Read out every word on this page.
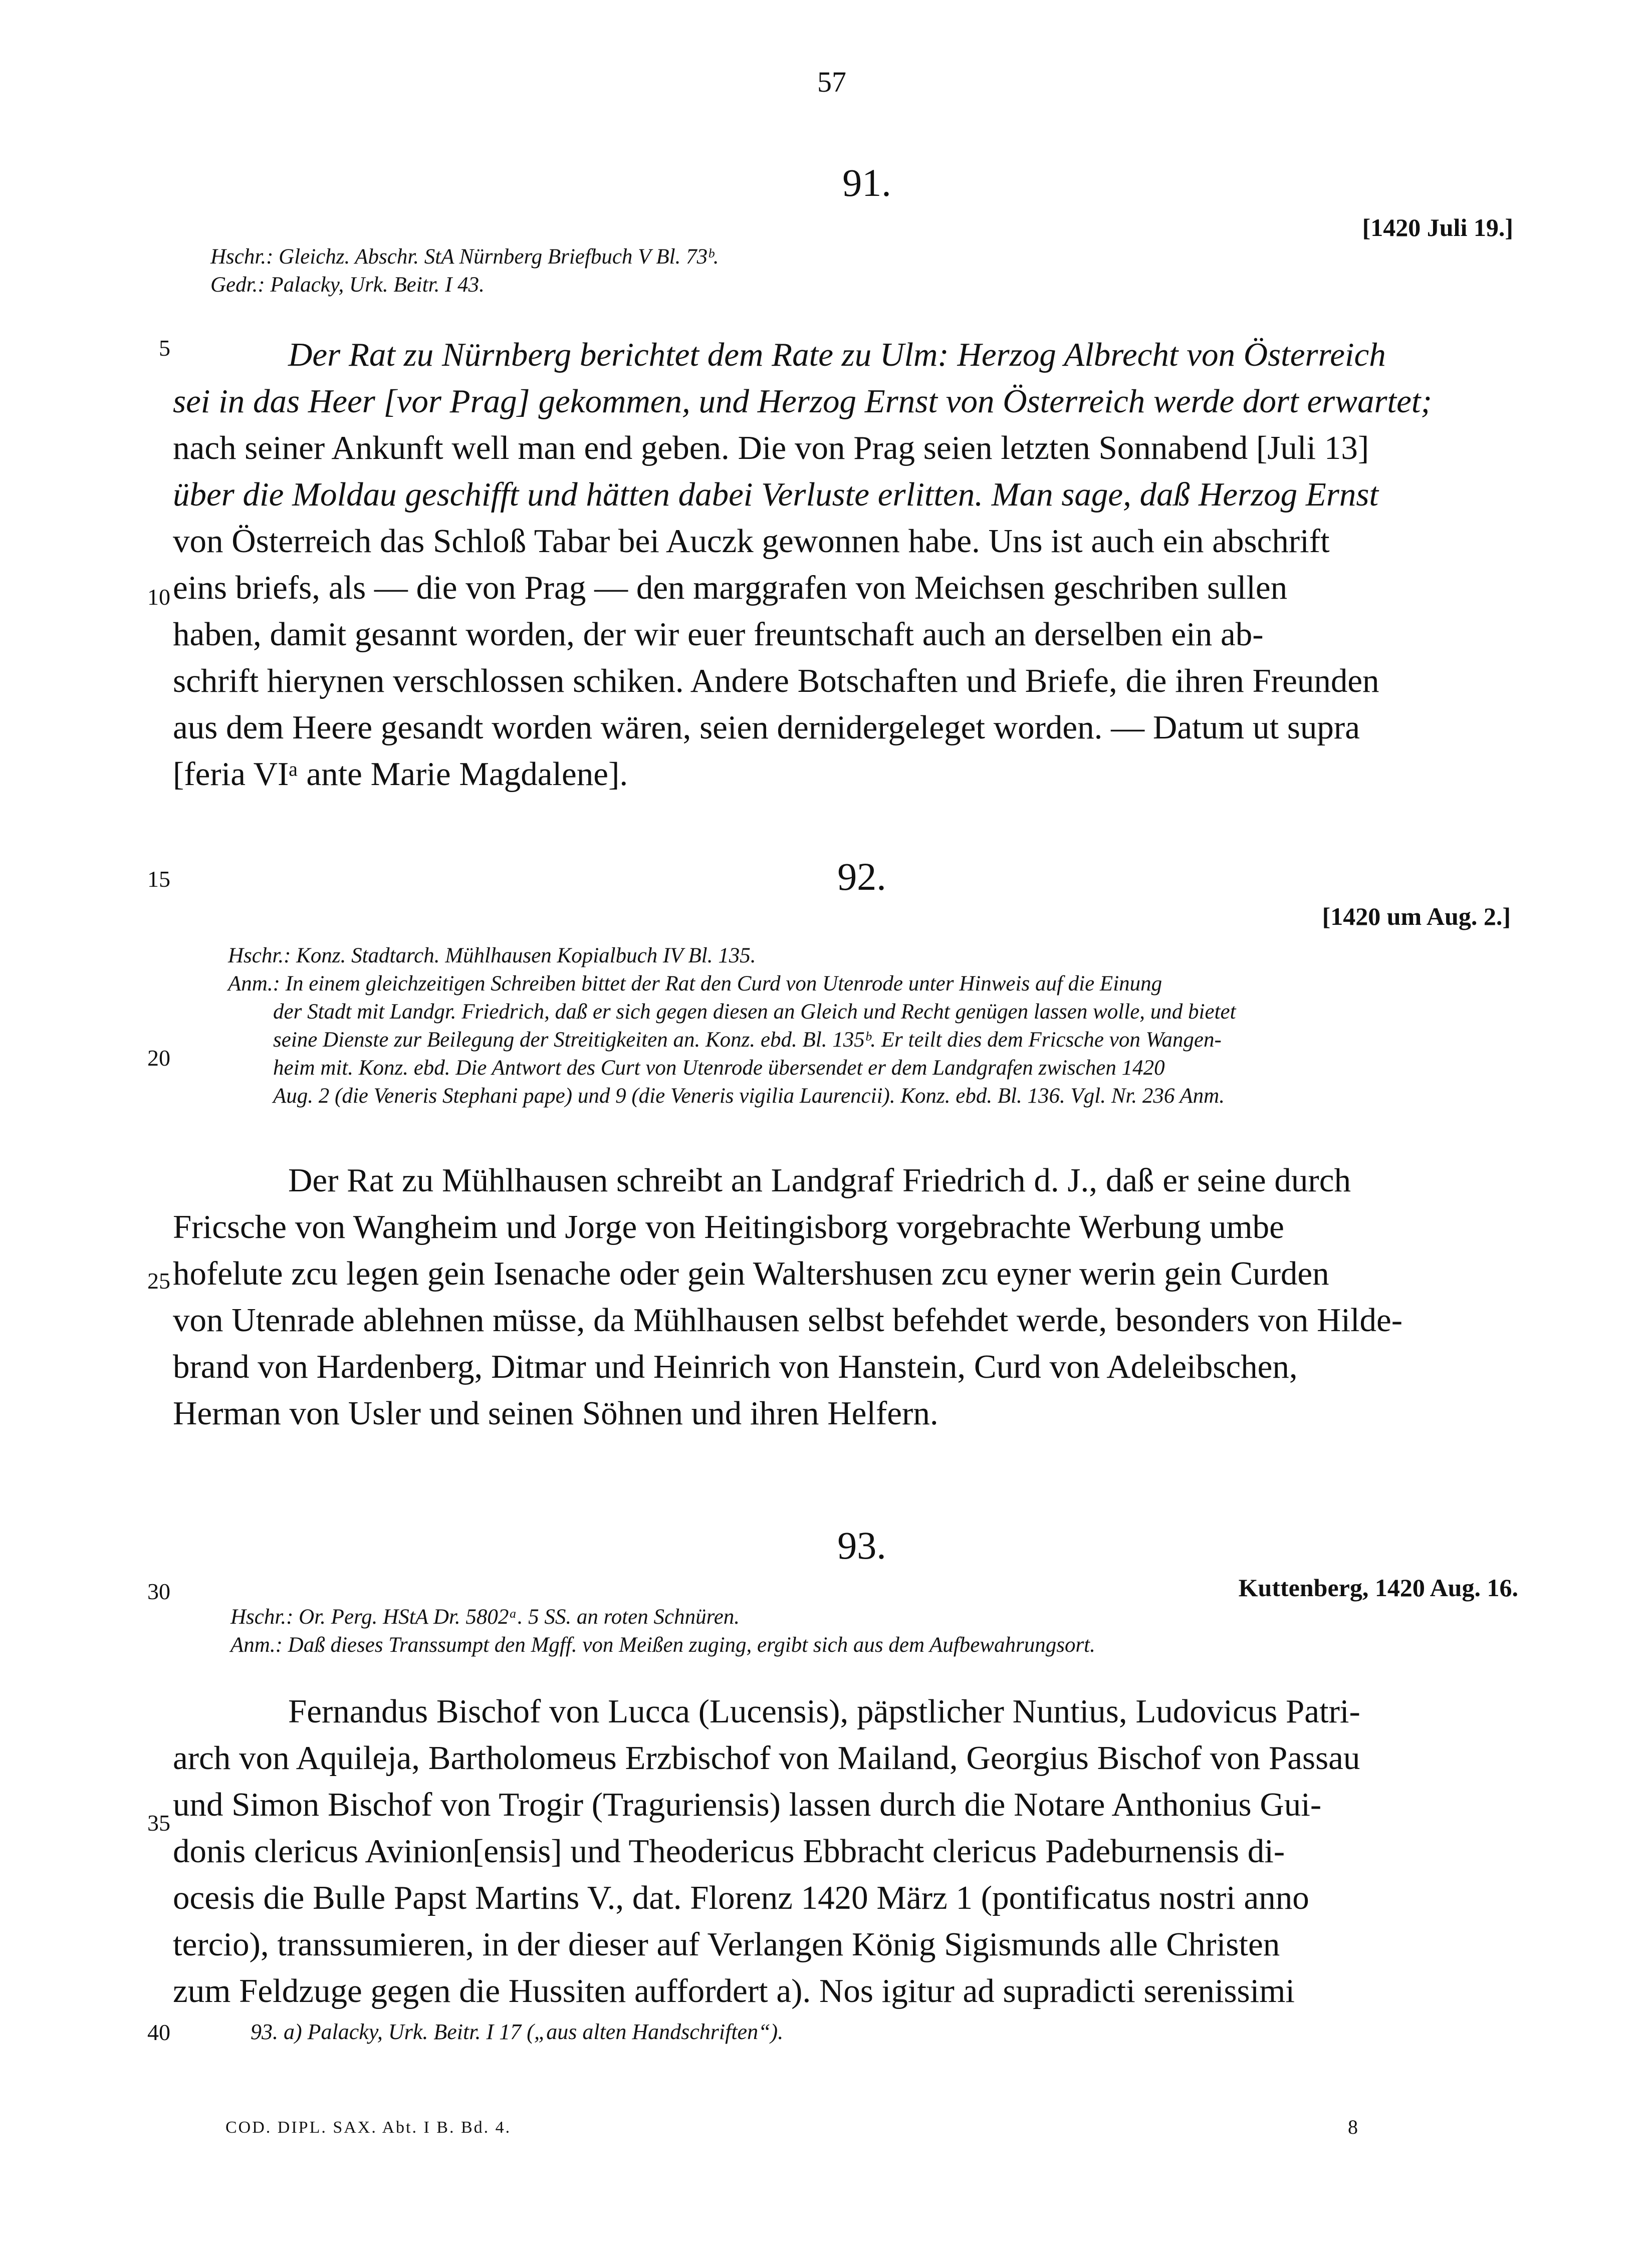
57
5
10
15
20
25
30
35
40
91.
[1420 Juli 19.]
Hschr.: Gleichz. Abschr. StA Nürnberg Briefbuch V Bl. 73ᵇ.
Gedr.: Palacky, Urk. Beitr. I 43.
Der Rat zu Nürnberg berichtet dem Rate zu Ulm: Herzog Albrecht von Österreich
sei in das Heer [vor Prag] gekommen, und Herzog Ernst von Österreich werde dort erwartet;
nach seiner Ankunft well man end geben. Die von Prag seien letzten Sonnabend [Juli 13]
über die Moldau geschifft und hätten dabei Verluste erlitten. Man sage, daß Herzog Ernst
von Österreich das Schloß Tabar bei Auczk gewonnen habe. Uns ist auch ein abschrift
eins briefs, als — die von Prag — den marggrafen von Meichsen geschriben sullen
haben, damit gesannt worden, der wir euer freuntschaft auch an derselben ein ab-
schrift hierynen verschlossen schiken. Andere Botschaften und Briefe, die ihren Freunden
aus dem Heere gesandt worden wären, seien dernidergeleget worden. — Datum ut supra
[feria VIᵃ ante Marie Magdalene].
92.
[1420 um Aug. 2.]
Hschr.: Konz. Stadtarch. Mühlhausen Kopialbuch IV Bl. 135.
Anm.: In einem gleichzeitigen Schreiben bittet der Rat den Curd von Utenrode unter Hinweis auf die Einung
der Stadt mit Landgr. Friedrich, daß er sich gegen diesen an Gleich und Recht genügen lassen wolle, und bietet
seine Dienste zur Beilegung der Streitigkeiten an. Konz. ebd. Bl. 135ᵇ. Er teilt dies dem Fricsche von Wangen-
heim mit. Konz. ebd. Die Antwort des Curt von Utenrode übersendet er dem Landgrafen zwischen 1420
Aug. 2 (die Veneris Stephani pape) und 9 (die Veneris vigilia Laurencii). Konz. ebd. Bl. 136. Vgl. Nr. 236 Anm.
Der Rat zu Mühlhausen schreibt an Landgraf Friedrich d. J., daß er seine durch
Fricsche von Wangheim und Jorge von Heitingisborg vorgebrachte Werbung umbe
hofelute zcu legen gein Isenache oder gein Waltershusen zcu eyner werin gein Curden
von Utenrade ablehnen müsse, da Mühlhausen selbst befehdet werde, besonders von Hilde-
brand von Hardenberg, Ditmar und Heinrich von Hanstein, Curd von Adeleibschen,
Herman von Usler und seinen Söhnen und ihren Helfern.
93.
Kuttenberg, 1420 Aug. 16.
Hschr.: Or. Perg. HStA Dr. 5802ᵃ. 5 SS. an roten Schnüren.
Anm.: Daß dieses Transsumpt den Mgff. von Meißen zuging, ergibt sich aus dem Aufbewahrungsort.
Fernandus Bischof von Lucca (Lucensis), päpstlicher Nuntius, Ludovicus Patri-
arch von Aquileja, Bartholomeus Erzbischof von Mailand, Georgius Bischof von Passau
und Simon Bischof von Trogir (Traguriensis) lassen durch die Notare Anthonius Gui-
donis clericus Avinion[ensis] und Theodericus Ebbracht clericus Padeburnensis di-
ocesis die Bulle Papst Martins V., dat. Florenz 1420 März 1 (pontificatus nostri anno
tercio), transsumieren, in der dieser auf Verlangen König Sigismunds alle Christen
zum Feldzuge gegen die Hussiten auffordert a). Nos igitur ad supradicti serenissimi
93. a) Palacky, Urk. Beitr. I 17 („aus alten Handschriften“).
COD. DIPL. SAX. Abt. I B. Bd. 4.	8
